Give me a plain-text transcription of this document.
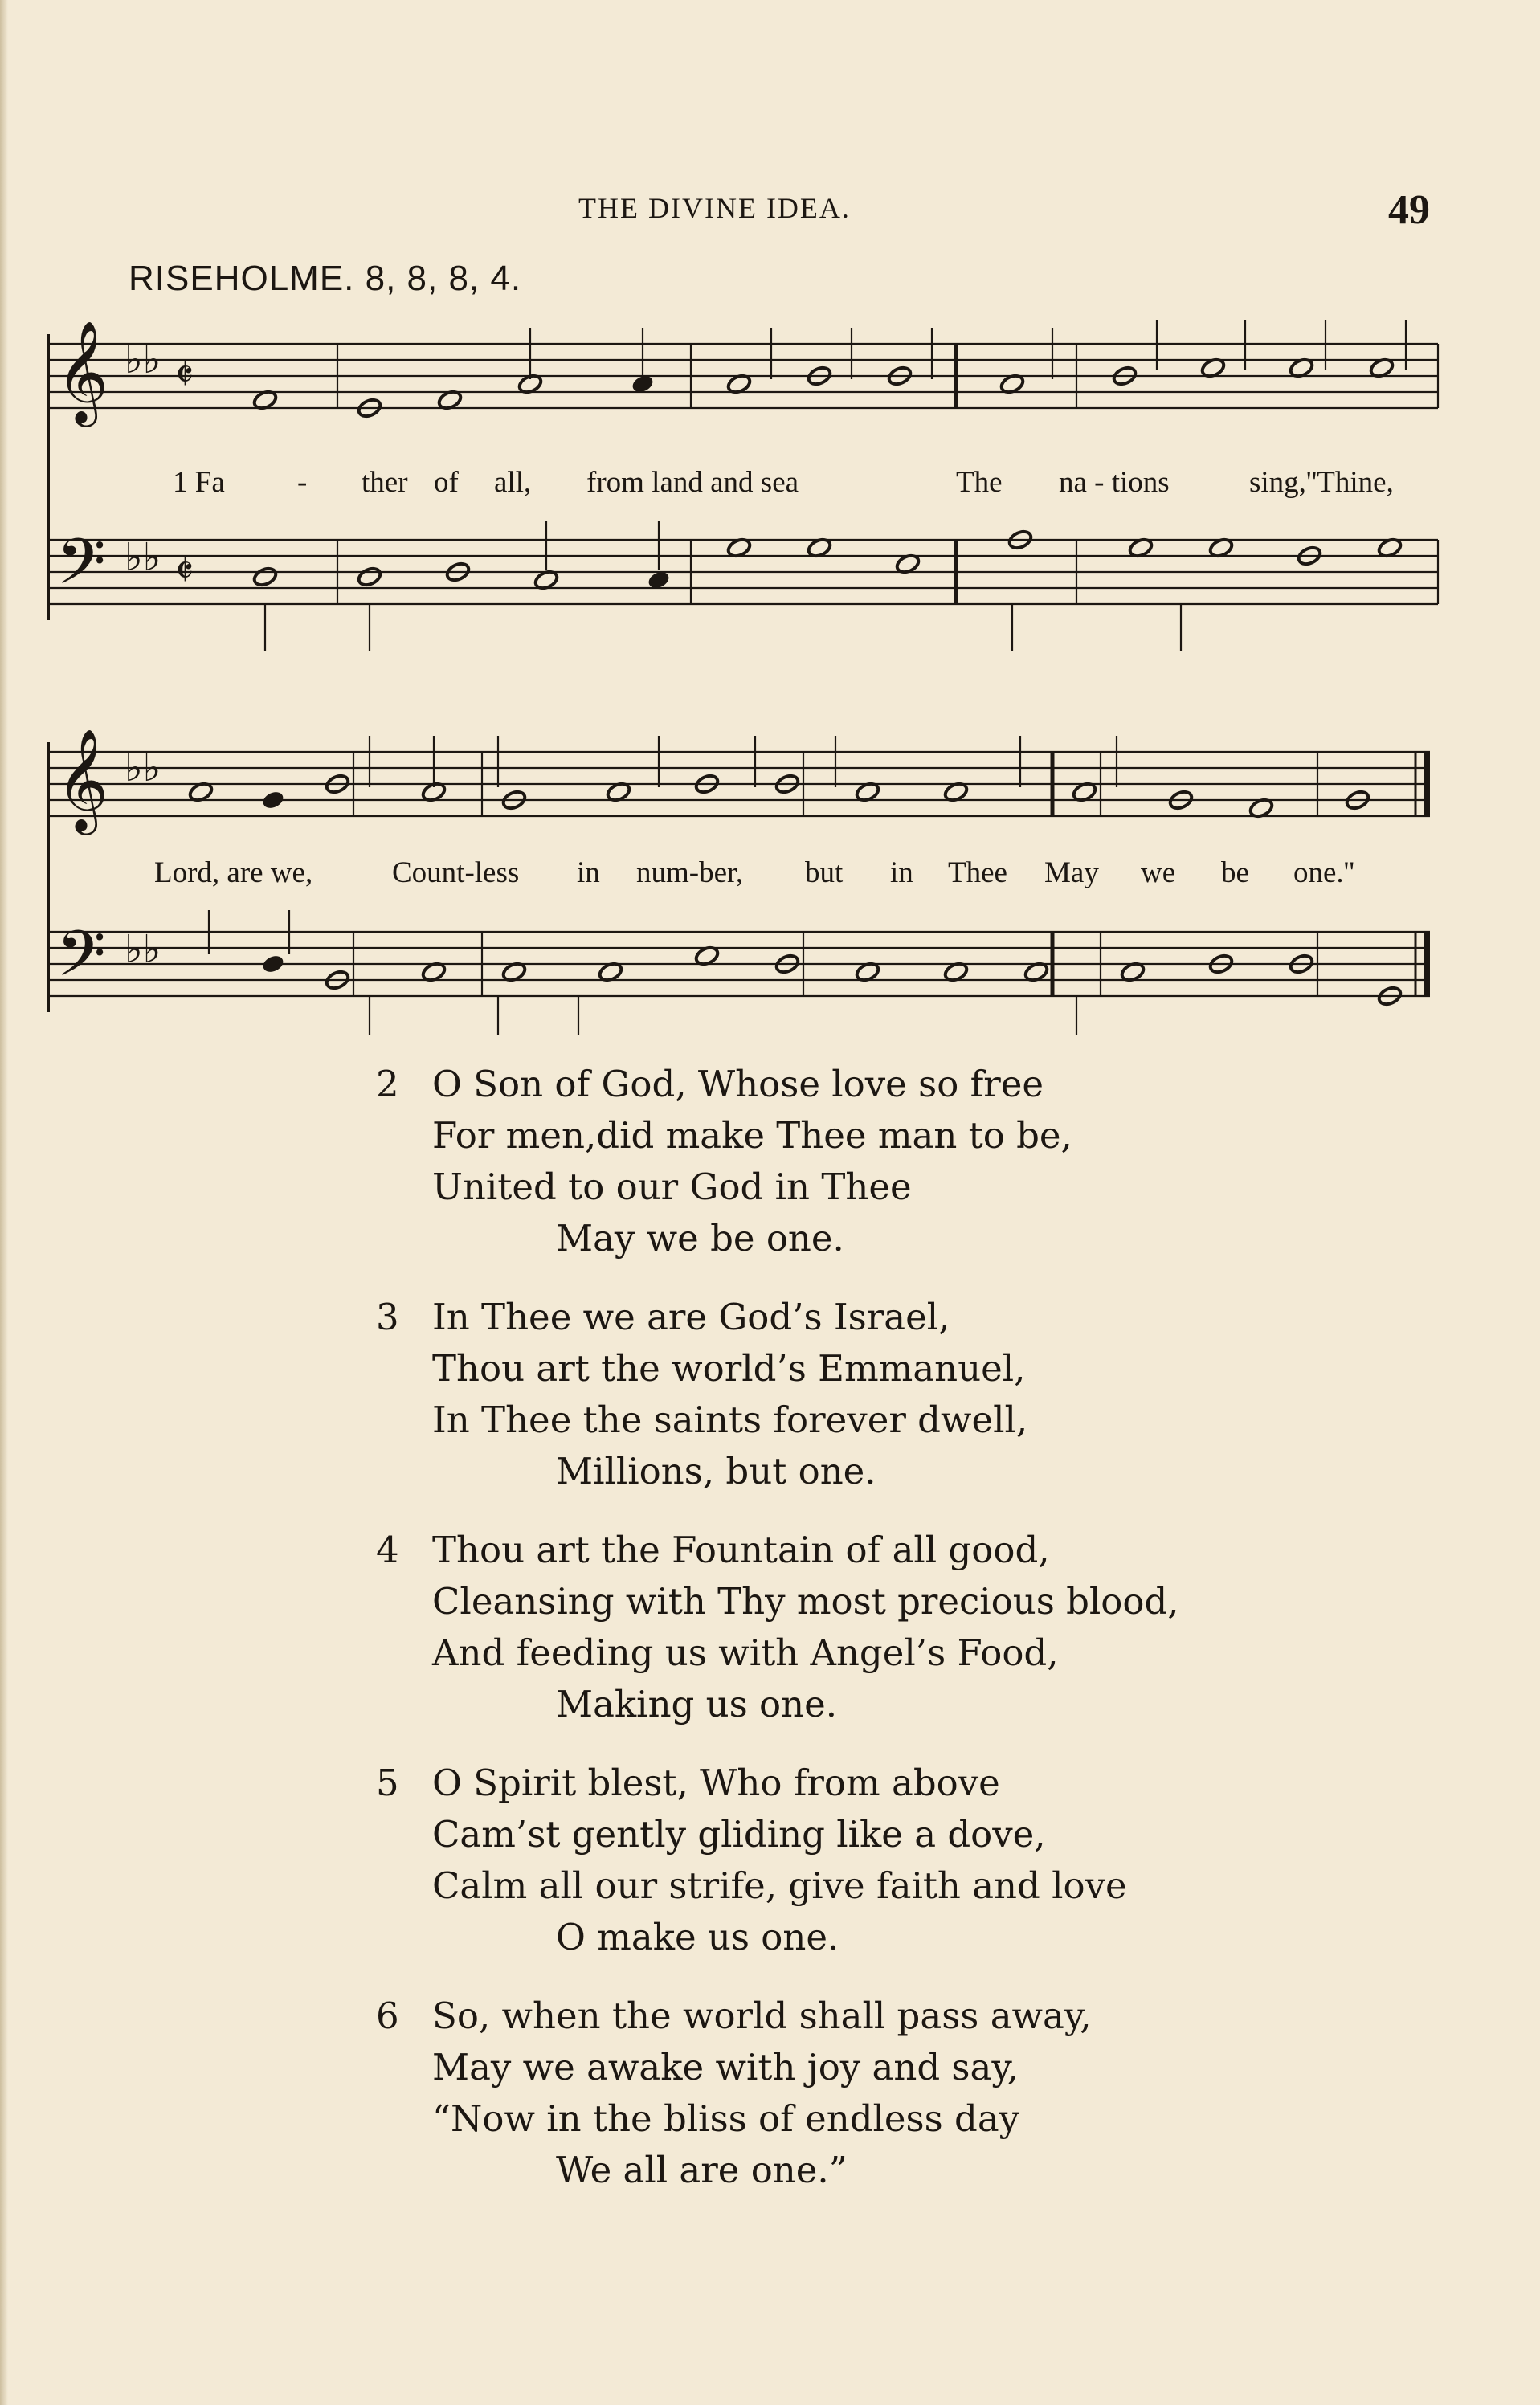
THE DIVINE IDEA.	49
RISEHOLME. 8, 8, 8, 4.
𝄞
𝄢
♭♭
♭♭
𝄵
𝄵
1 Fa - ther of all, from land and sea	The na - tions	sing,''Thine,
𝄞
𝄢
♭♭
♭♭
Lord, are we,	Count-less in num-ber, but in Thee May we be one.''
2 O Son of God, Whose love so free
For men,did make Thee man to be,
United to our God in Thee
May we be one.
3 In Thee we are God’s Israel,
Thou art the world’s Emmanuel,
In Thee the saints forever dwell,
Millions, but one.
4 Thou art the Fountain of all good,
Cleansing with Thy most precious blood,
And feeding us with Angel’s Food,
Making us one.
5 O Spirit blest, Who from above
Cam’st gently gliding like a dove,
Calm all our strife, give faith and love
O make us one.
6 So, when the world shall pass away,
May we awake with joy and say,
“Now in the bliss of endless day
We all are one.”
